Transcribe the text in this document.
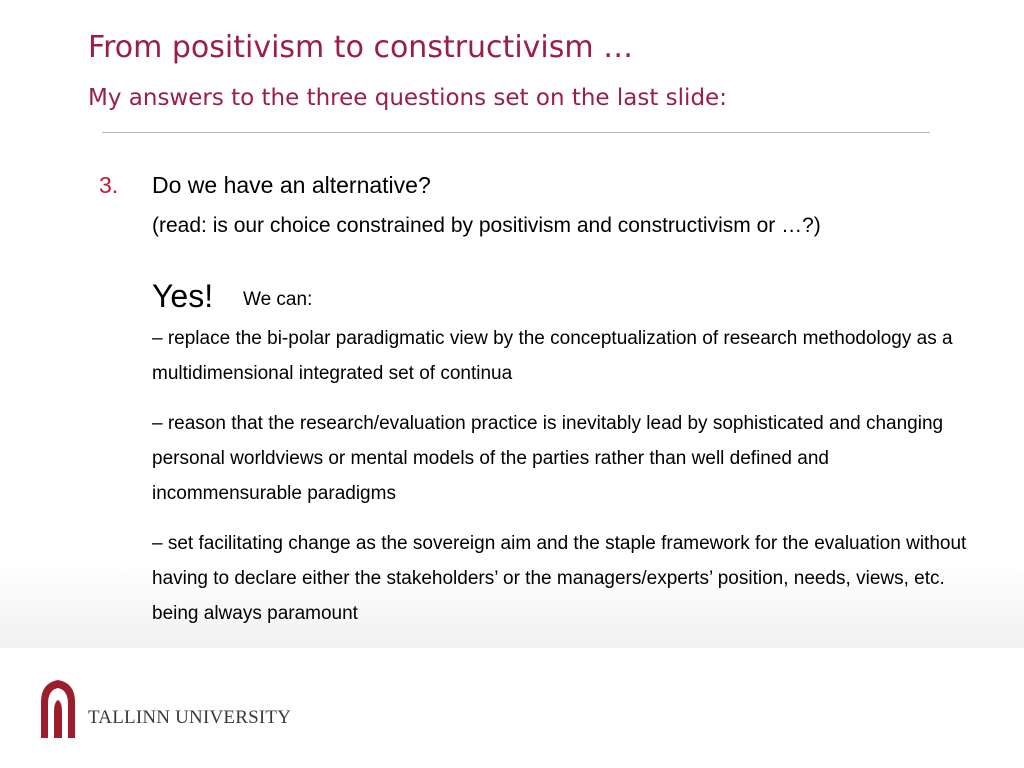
From positivism to constructivism …
My answers to the three questions set on the last slide:
3. Do we have an alternative?
(read: is our choice constrained by positivism and constructivism or …?)
Yes! We can:
– replace the bi-polar paradigmatic view by the conceptualization of research methodology as a multidimensional integrated set of continua
– reason that the research/evaluation practice is inevitably lead by sophisticated and changing personal worldviews or mental models of the parties rather than well defined and incommensurable paradigms
– set facilitating change as the sovereign aim and the staple framework for the evaluation without having to declare either the stakeholders’ or the managers/experts’ position, needs, views, etc. being always paramount
TALLINN UNIVERSITY
